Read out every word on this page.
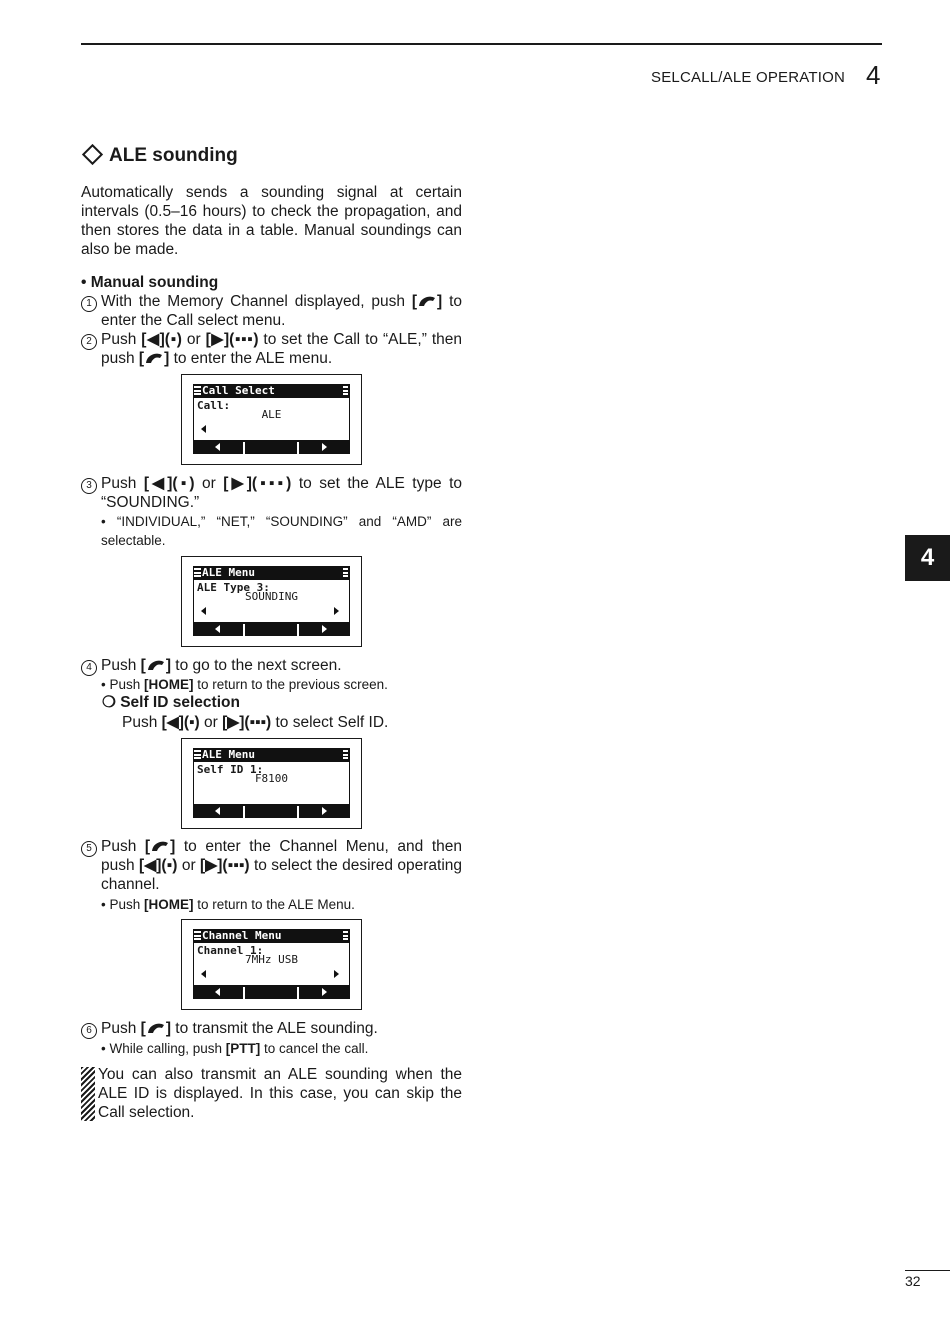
SELCALL/ALE OPERATION 4
4
ALE sounding
Automatically sends a sounding signal at certain intervals (0.5–16 hours) to check the propagation, and then stores the data in a table. Manual soundings can also be made.
• Manual sounding
1 With the Memory Channel displayed, push [ ] to enter the Call select menu.
2 Push [◀](▪) or [▶](▪▪▪) to set the Call to “ALE,” then push [ ] to enter the ALE menu.
Call Select
Call:
ALE
3 Push [◀](▪) or [▶](▪▪▪) to set the ALE type to “SOUNDING.”
• “INDIVIDUAL,” “NET,” “SOUNDING” and “AMD” are selectable.
ALE Menu
ALE Type 3:
SOUNDING
4 Push [ ] to go to the next screen.
• Push [HOME] to return to the previous screen.
❍ Self ID selection
Push [◀](▪) or [▶](▪▪▪) to select Self ID.
ALE Menu
Self ID 1:
F8100
5 Push [ ] to enter the Channel Menu, and then push [◀](▪) or [▶](▪▪▪) to select the desired operating channel.
• Push [HOME] to return to the ALE Menu.
Channel Menu
Channel 1:
7MHz USB
6 Push [ ] to transmit the ALE sounding.
• While calling, push [PTT] to cancel the call.
You can also transmit an ALE sounding when the ALE ID is displayed. In this case, you can skip the Call selection.
32
